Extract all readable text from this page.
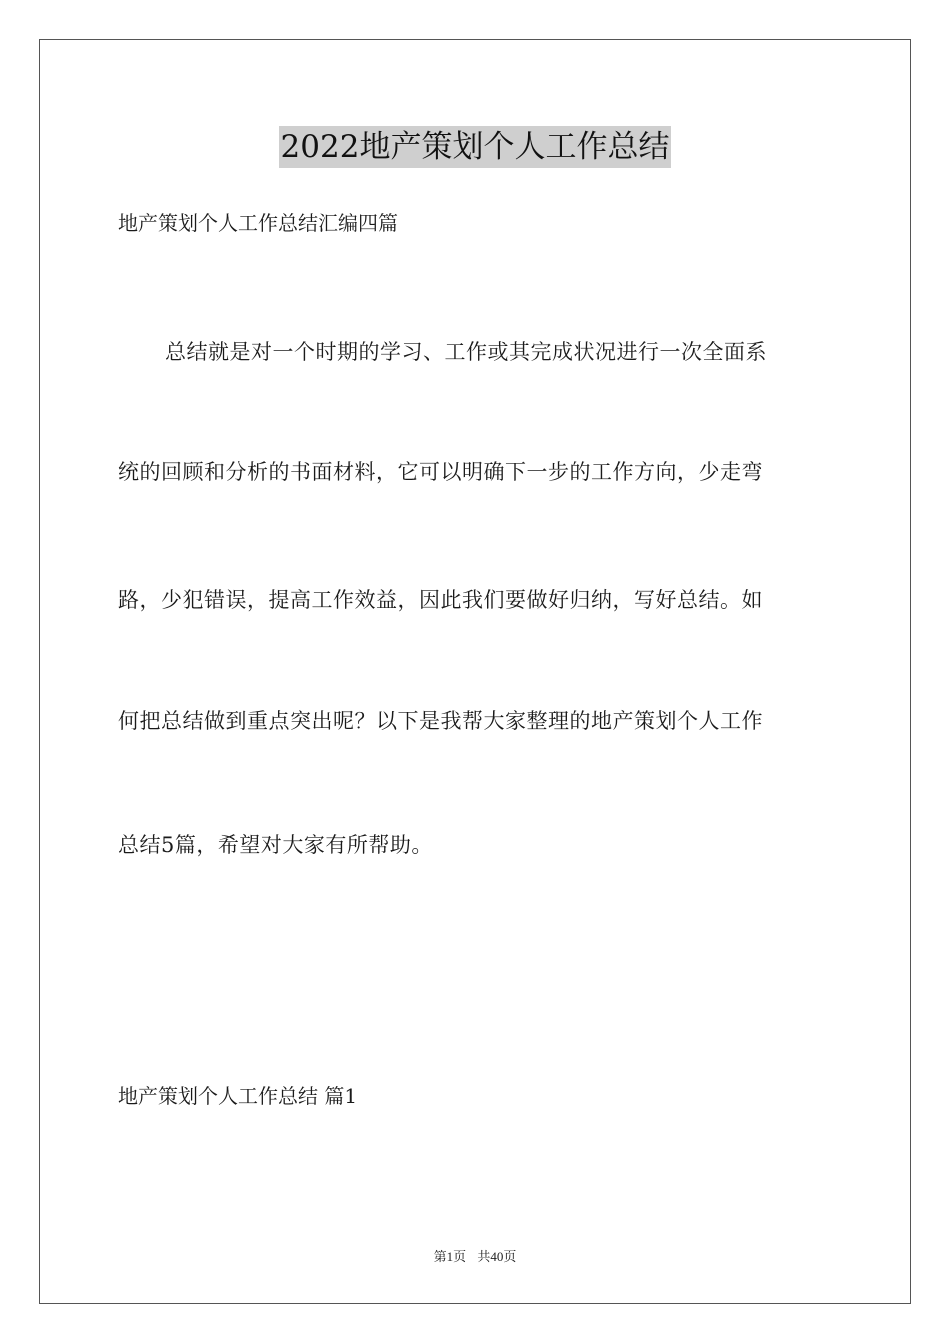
2022地产策划个人工作总结
地产策划个人工作总结汇编四篇
总结就是对一个时期的学习、工作或其完成状况进行一次全面系
统的回顾和分析的书面材料，它可以明确下一步的工作方向，少走弯
路，少犯错误，提高工作效益，因此我们要做好归纳，写好总结。如
何把总结做到重点突出呢？以下是我帮大家整理的地产策划个人工作
总结5篇，希望对大家有所帮助。
地产策划个人工作总结 篇1
第1页 共40页
